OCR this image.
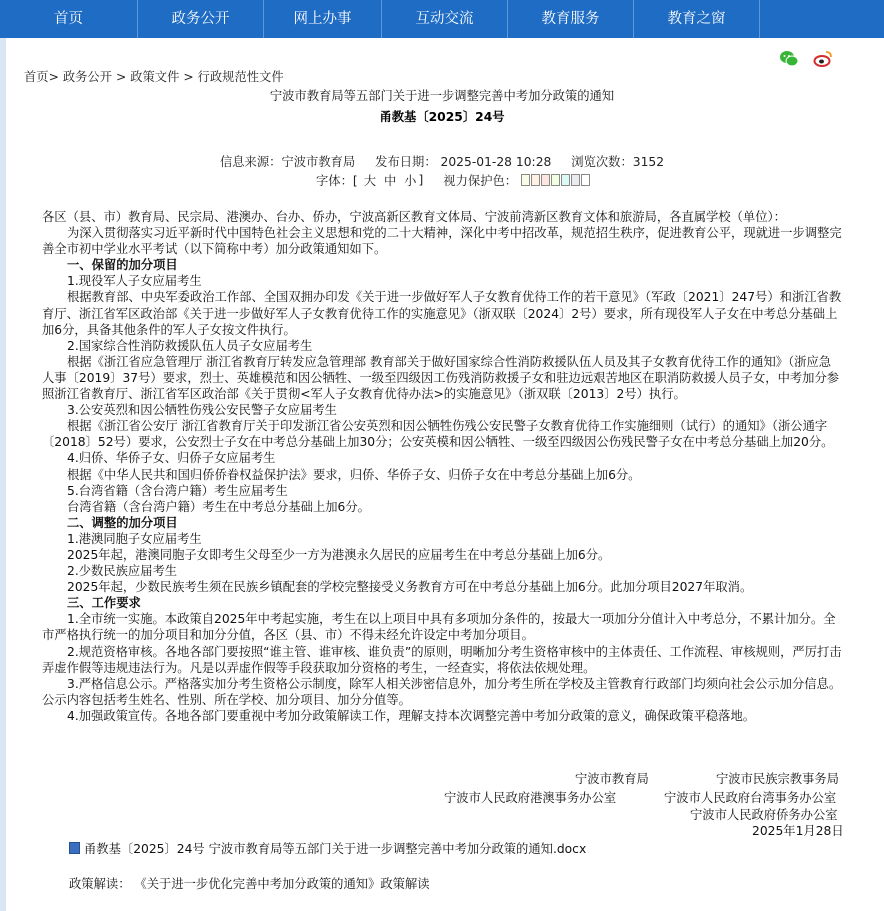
首页	政务公开	网上办事	互动交流	教育服务	教育之窗
首页> 政务公开 > 政策文件 > 行政规范性文件
宁波市教育局等五部门关于进一步调整完善中考加分政策的通知
甬教基〔2025〕24号
信息来源：宁波市教育局 发布日期： 2025-01-28 10:28 浏览次数：3152
字体：[ 大 中 小 ] 视力保护色：

各区（县、市）教育局、民宗局、港澳办、台办、侨办，宁波高新区教育文体局、宁波前湾新区教育文体和旅游局，各直属学校（单位）：

为深入贯彻落实习近平新时代中国特色社会主义思想和党的二十大精神，深化中考中招改革，规范招生秩序，促进教育公平，现就进一步调整完善全市初中学业水平考试（以下简称中考）加分政策通知如下。

一、保留的加分项目

1.现役军人子女应届考生

根据教育部、中央军委政治工作部、全国双拥办印发《关于进一步做好军人子女教育优待工作的若干意见》（军政〔2021〕247号）和浙江省教育厅、浙江省军区政治部《关于进一步做好军人子女教育优待工作的实施意见》（浙双联〔2024〕2号）要求，所有现役军人子女在中考总分基础上加6分，具备其他条件的军人子女按文件执行。

2.国家综合性消防救援队伍人员子女应届考生

根据《浙江省应急管理厅 浙江省教育厅转发应急管理部 教育部关于做好国家综合性消防救援队伍人员及其子女教育优待工作的通知》（浙应急人事〔2019〕37号）要求，烈士、英雄模范和因公牺牲、一级至四级因工伤残消防救援子女和驻边远艰苦地区在职消防救援人员子女，中考加分参照浙江省教育厅、浙江省军区政治部《关于贯彻<军人子女教育优待办法>的实施意见》（浙双联〔2013〕2号）执行。

3.公安英烈和因公牺牲伤残公安民警子女应届考生

根据《浙江省公安厅 浙江省教育厅关于印发浙江省公安英烈和因公牺牲伤残公安民警子女教育优待工作实施细则（试行）的通知》（浙公通字〔2018〕52号）要求，公安烈士子女在中考总分基础上加30分；公安英模和因公牺牲、一级至四级因公伤残民警子女在中考总分基础上加20分。

4.归侨、华侨子女、归侨子女应届考生

根据《中华人民共和国归侨侨眷权益保护法》要求，归侨、华侨子女、归侨子女在中考总分基础上加6分。

5.台湾省籍（含台湾户籍）考生应届考生

台湾省籍（含台湾户籍）考生在中考总分基础上加6分。

二、调整的加分项目

1.港澳同胞子女应届考生

2025年起，港澳同胞子女即考生父母至少一方为港澳永久居民的应届考生在中考总分基础上加6分。

2.少数民族应届考生

2025年起，少数民族考生须在民族乡镇配套的学校完整接受义务教育方可在中考总分基础上加6分。此加分项目2027年取消。

三、工作要求

1.全市统一实施。本政策自2025年中考起实施，考生在以上项目中具有多项加分条件的，按最大一项加分分值计入中考总分，不累计加分。全市严格执行统一的加分项目和加分分值，各区（县、市）不得未经允许设定中考加分项目。

2.规范资格审核。各地各部门要按照“谁主管、谁审核、谁负责”的原则，明晰加分考生资格审核中的主体责任、工作流程、审核规则，严厉打击弄虚作假等违规违法行为。凡是以弄虚作假等手段获取加分资格的考生，一经查实，将依法依规处理。

3.严格信息公示。严格落实加分考生资格公示制度，除军人相关涉密信息外，加分考生所在学校及主管教育行政部门均须向社会公示加分信息。公示内容包括考生姓名、性别、所在学校、加分项目、加分分值等。

4.加强政策宣传。各地各部门要重视中考加分政策解读工作，理解支持本次调整完善中考加分政策的意义，确保政策平稳落地。

宁波市教育局	宁波市民族宗教事务局
宁波市人民政府港澳事务办公室	宁波市人民政府台湾事务办公室
宁波市人民政府侨务办公室
2025年1月28日
甬教基〔2025〕24号 宁波市教育局等五部门关于进一步调整完善中考加分政策的通知.docx
政策解读： 《关于进一步优化完善中考加分政策的通知》政策解读
